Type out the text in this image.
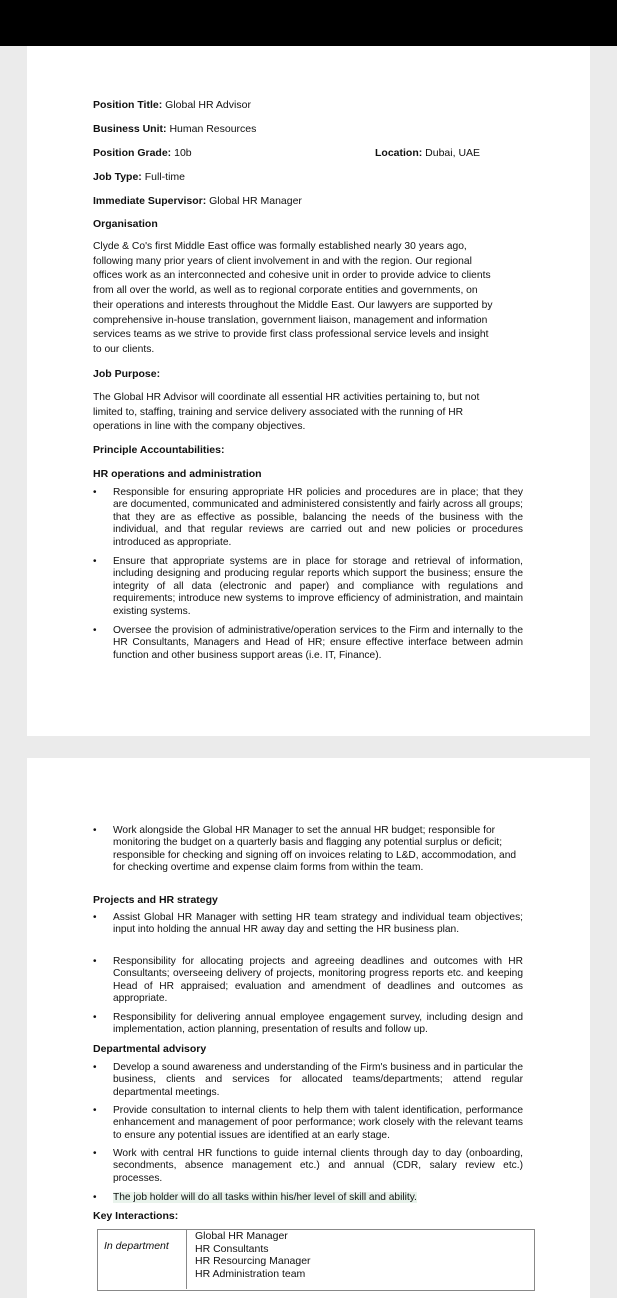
Position Title: Global HR Advisor
Business Unit: Human Resources
Position Grade: 10b	Location: Dubai, UAE
Job Type: Full-time
Immediate Supervisor: Global HR Manager
Organisation
Clyde & Co's first Middle East office was formally established nearly 30 years ago,
following many prior years of client involvement in and with the region. Our regional
offices work as an interconnected and cohesive unit in order to provide advice to clients
from all over the world, as well as to regional corporate entities and governments, on
their operations and interests throughout the Middle East. Our lawyers are supported by
comprehensive in-house translation, government liaison, management and information
services teams as we strive to provide first class professional service levels and insight
to our clients.
Job Purpose:
The Global HR Advisor will coordinate all essential HR activities pertaining to, but not
limited to, staffing, training and service delivery associated with the running of HR
operations in line with the company objectives.
Principle Accountabilities:
HR operations and administration
• Responsible for ensuring appropriate HR policies and procedures are in place; that they are documented, communicated and administered consistently and fairly across all groups; that they are as effective as possible, balancing the needs of the business with the individual, and that regular reviews are carried out and new policies or procedures introduced as appropriate.
• Ensure that appropriate systems are in place for storage and retrieval of information, including designing and producing regular reports which support the business; ensure the integrity of all data (electronic and paper) and compliance with regulations and requirements; introduce new systems to improve efficiency of administration, and maintain existing systems.
• Oversee the provision of administrative/operation services to the Firm and internally to the HR Consultants, Managers and Head of HR; ensure effective interface between admin function and other business support areas (i.e. IT, Finance).
• Work alongside the Global HR Manager to set the annual HR budget; responsible for monitoring the budget on a quarterly basis and flagging any potential surplus or deficit; responsible for checking and signing off on invoices relating to L&D, accommodation, and for checking overtime and expense claim forms from within the team.
Projects and HR strategy
• Assist Global HR Manager with setting HR team strategy and individual team objectives; input into holding the annual HR away day and setting the HR business plan.
• Responsibility for allocating projects and agreeing deadlines and outcomes with HR Consultants; overseeing delivery of projects, monitoring progress reports etc. and keeping Head of HR appraised; evaluation and amendment of deadlines and outcomes as appropriate.
• Responsibility for delivering annual employee engagement survey, including design and implementation, action planning, presentation of results and follow up.
Departmental advisory
• Develop a sound awareness and understanding of the Firm's business and in particular the business, clients and services for allocated teams/departments; attend regular departmental meetings.
• Provide consultation to internal clients to help them with talent identification, performance enhancement and management of poor performance; work closely with the relevant teams to ensure any potential issues are identified at an early stage.
• Work with central HR functions to guide internal clients through day to day (onboarding, secondments, absence management etc.) and annual (CDR, salary review etc.) processes.
• The job holder will do all tasks within his/her level of skill and ability.
Key Interactions:
In department
Global HR Manager
HR Consultants
HR Resourcing Manager
HR Administration team
